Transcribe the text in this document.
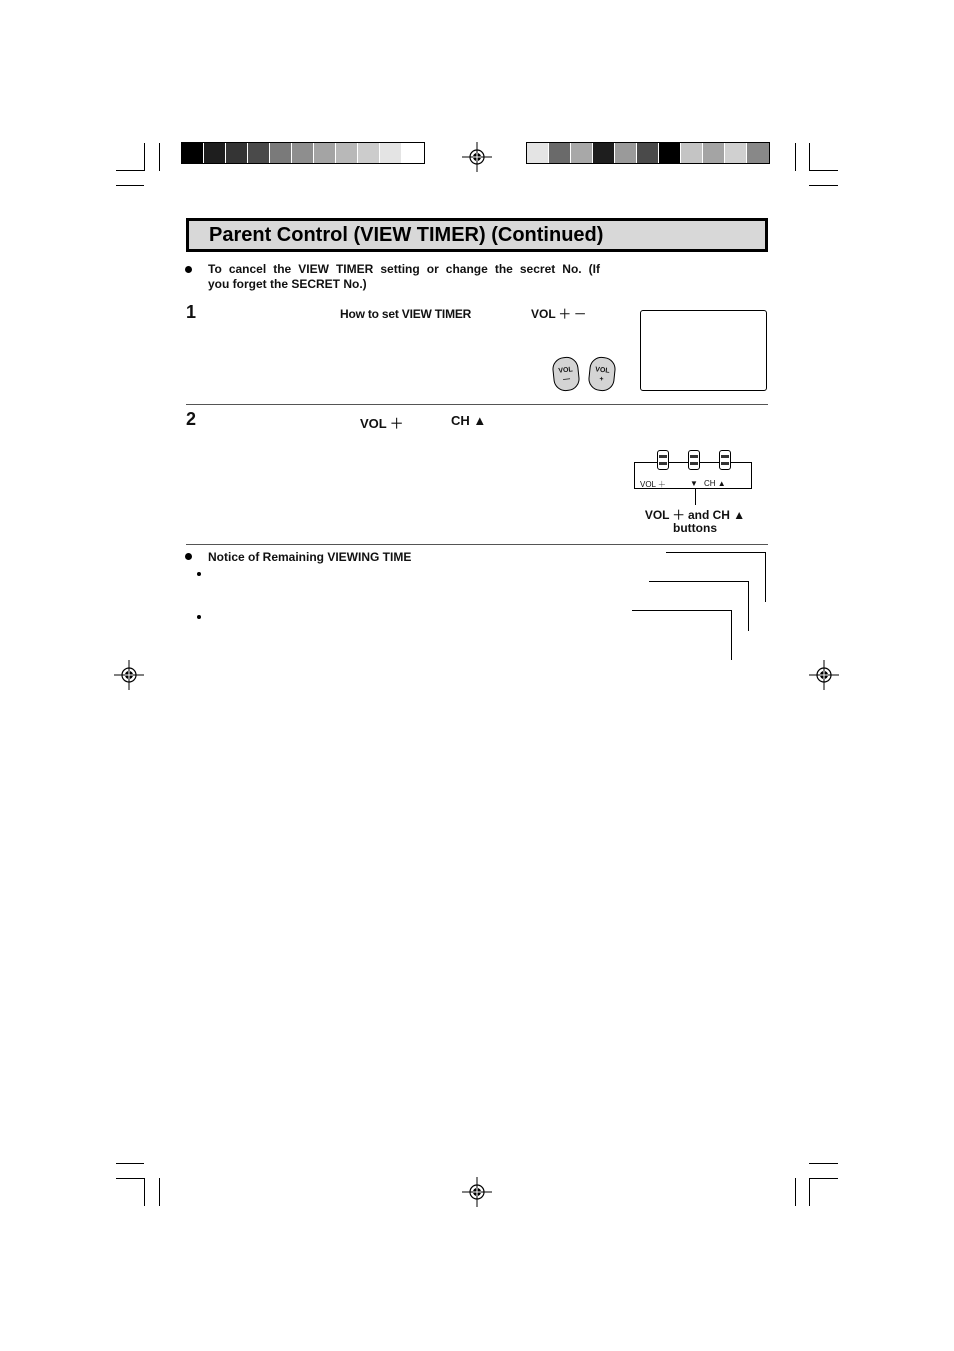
Parent Control (VIEW TIMER) (Continued)
To cancel the VIEW TIMER setting or change the secret No. (If
you forget the SECRET No.)
1	How to set VIEW TIMER	VOL ＋ －
VOL
—
VOL
+
2	VOL ＋	CH ▲
VOL ＋	▼ CH ▲
VOL ＋ and CH ▲
buttons
Notice of Remaining VIEWING TIME
